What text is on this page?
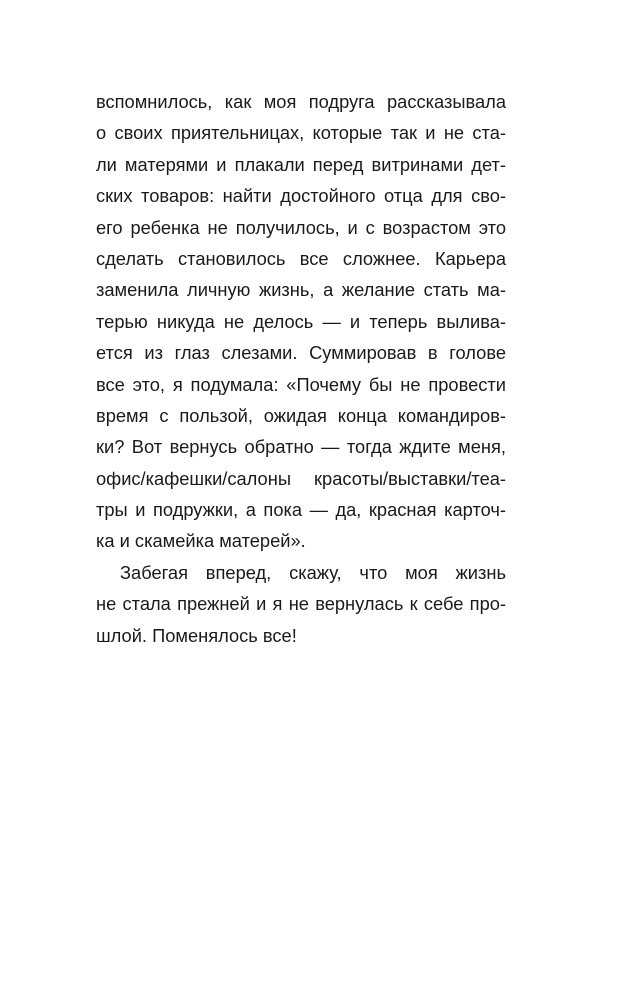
вспомнилось, как моя подруга рассказывала
о своих приятельницах, которые так и не ста-
ли матерями и плакали перед витринами дет-
ских товаров: найти достойного отца для сво-
его ребенка не получилось, и с возрастом это
сделать становилось все сложнее. Карьера
заменила личную жизнь, а желание стать ма-
терью никуда не делось — и теперь вылива-
ется из глаз слезами. Суммировав в голове
все это, я подумала: «Почему бы не провести
время с пользой, ожидая конца командиров-
ки? Вот вернусь обратно — тогда ждите меня,
офис/кафешки/салоны красоты/выставки/теа-
тры и подружки, а пока — да, красная карточ-
ка и скамейка матерей».
Забегая вперед, скажу, что моя жизнь
не стала прежней и я не вернулась к себе про-
шлой. Поменялось все!
